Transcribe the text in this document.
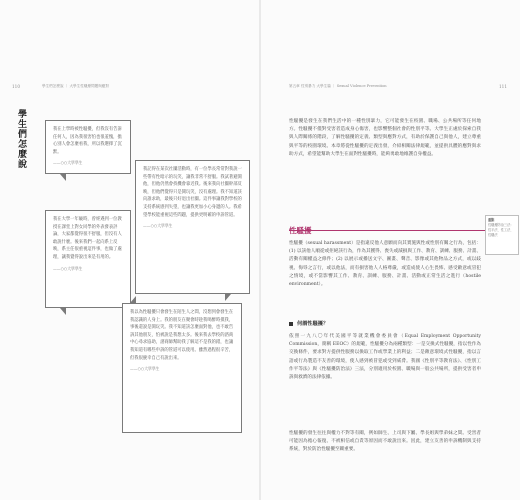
110	學生們怎麼說 ｜ 大學生性騷擾問題與應對
學生們怎麼說
第五章 性別暴力 大學生篇 ｜ Sexual Violence Prevention	111

我在上學時被性騷擾，但我沒有告訴任何人，因為我很害怕也很羞愧，擔心別人會怎麼看我，所以我選擇了沉默。

——○○大學學生

我記得在某次社團活動時，有一位學長常常對我說一些帶有性暗示的玩笑，讓我非常不舒服。我試著避開他，但他仍然會找機會靠近我。後來我向社團幹部反映，但他們覺得只是開玩笑，沒有處理。我不知道該向誰求助，最後只好退出社團。這件事讓我對學校的支持系統感到失望，也讓我更加小心身邊的人。我希望學校能重視這些問題，提供更明確的申訴管道。

——○○大學學生

我在大學一年級時，曾經遇到一位教授在課堂上對女同學的外表發表評論，大家都覺得很不舒服，但沒有人敢說什麼。後來我們一起向系上反映，系主任很重視這件事，也做了處理，讓我覺得說出來是有用的。

——○○大學學生

我以為性騷擾只會發生在陌生人之間，沒想到會發生在我認識的人身上。我的朋友在聚會時趁我喝醉時摸我，事後還說是開玩笑。我不知道該怎麼面對他，也不敢告訴其他朋友，怕被說是我想太多。後來我去學校的諮商中心尋求協助，諮商師幫助我了解這不是我的錯，也讓我知道有哪些申訴的管道可以使用。雖然過程很辛苦，但我很慶幸自己有說出來。

——○○大學學生

性騷擾是發生在我們生活中的一種性別暴力，它可能發生在校園、職場、公共場所等任何地方。性騷擾不僅對受害者造成身心傷害，也影響整個社會的性別平等。大學生正處於探索自我與人際關係的階段，了解性騷擾的定義、類型與應對方式，有助於保護自己與他人，建立尊重與平等的校園環境。本章將從性騷擾的定義出發，介紹相關法律規範，並提供具體的應對與求助方式，希望能幫助大學生在面對性騷擾時，能夠勇敢地維護自身權益。

性騷擾（sexual harassment）是指違反他人意願而向其實施與性或性別有關之行為，包括：(1) 以該他人順從或拒絕該行為，作為其獲得、喪失或減損與工作、教育、訓練、服務、計畫、活動有關權益之條件；(2) 以展示或播送文字、圖畫、聲音、影像或其他物品之方式，或以歧視、侮辱之言行，或以他法，而有損害他人人格尊嚴，或造成使人心生畏怖、感受敵意或冒犯之情境，或不當影響其工作、教育、訓練、服務、計畫、活動或正常生活之進行（hostile environment）。

重點
性騷擾防治三法：性平法、性工法、性騷法
何謂性騷擾？

依照一九八〇年代美國平等就業機會委員會（Equal Employment Opportunity Commission，簡稱 EEOC）的規範，性騷擾分為兩種類型：一是交換式性騷擾，指以性作為交換條件，要求對方提供性服務以換取工作或學業上的利益；二是敵意環境式性騷擾，指以言語或行為製造不友善的環境，使人感到被冒犯或受到威脅。我國《性別平等教育法》、《性別工作平等法》與《性騷擾防治法》三法，分別適用於校園、職場與一般公共場所，提供受害者申訴與救濟的法律依據。

性騷擾的發生往往與權力不對等有關，例如師生、上司與下屬、學長姐與學弟妹之間。受害者可能因為擔心報復、不被相信或自責等原因而不敢說出來。因此，建立友善的申訴機制與支持系統，對於防治性騷擾至關重要。
